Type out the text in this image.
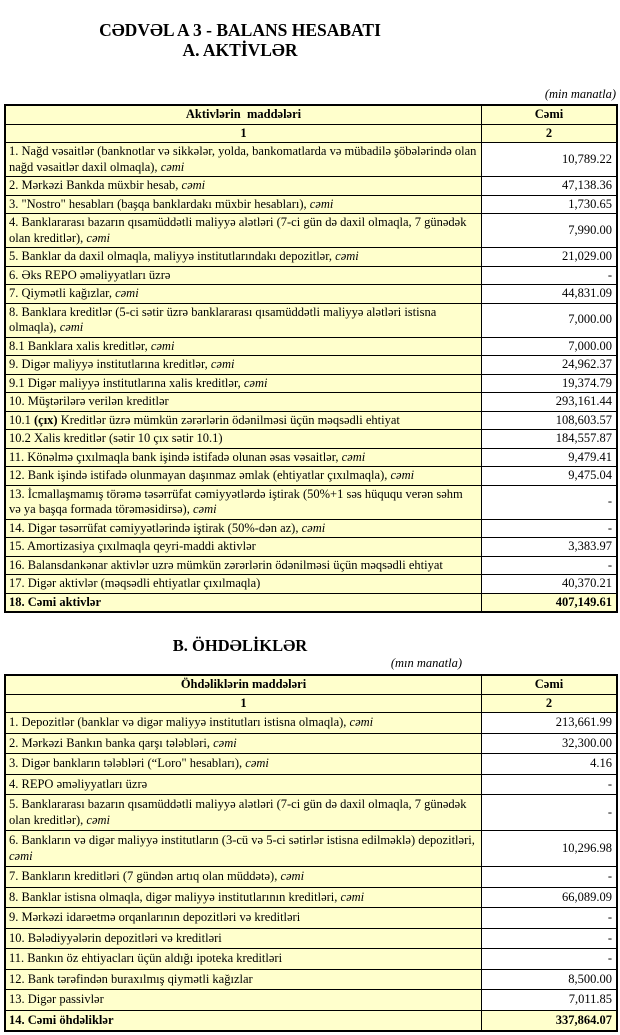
CƏDVƏL A 3 - BALANS HESABATI
A. AKTİVLƏR
(min manatla)
Aktivlərin  maddələri	Cəmi
1	2
1. Nağd vəsaitlər (banknotlar və sikkələr, yolda, bankomatlarda və mübadilə şöbələrində olan nağd vəsaitlər daxil olmaqla), cəmi	10,789.22
2. Mərkəzi Bankda müxbir hesab, cəmi	47,138.36
3. "Nostro" hesabları (başqa banklardakı müxbir hesabları), cəmi	1,730.65
4. Banklararası bazarın qısamüddətli maliyyə alətləri (7-ci gün də daxil olmaqla, 7 günədək olan kreditlər), cəmi	7,990.00
5. Banklar da daxil olmaqla, maliyyə institutlarındakı depozitlər, cəmi	21,029.00
6. Əks REPO əməliyyatları üzrə	-
7. Qiymətli kağızlar, cəmi	44,831.09
8. Banklara kreditlər (5-ci sətir üzrə banklararası qısamüddətli maliyyə alətləri istisna olmaqla), cəmi	7,000.00
8.1 Banklara xalis kreditlər, cəmi	7,000.00
9. Digər maliyyə institutlarına kreditlər, cəmi	24,962.37
9.1 Digər maliyyə institutlarına xalis kreditlər, cəmi	19,374.79
10. Müştərilərə verilən kreditlər	293,161.44
10.1 (çıx) Kreditlər üzrə mümkün zərərlərin ödənilməsi üçün məqsədli ehtiyat	108,603.57
10.2 Xalis kreditlər (sətir 10 çıx sətir 10.1)	184,557.87
11. Könəlmə çıxılmaqla bank işində istifadə olunan əsas vəsaitlər, cəmi	9,479.41
12. Bank işində istifadə olunmayan daşınmaz əmlak (ehtiyatlar çıxılmaqla), cəmi	9,475.04
13. İcmallaşmamış törəmə təsərrüfat cəmiyyətlərdə iştirak (50%+1 səs hüququ verən səhm və ya başqa formada törəməsidirsə), cəmi	-
14. Digər təsərrüfat cəmiyyətlərində iştirak (50%-dən az), cəmi	-
15. Amortizasiya çıxılmaqla qeyri-maddi aktivlər	3,383.97
16. Balansdankənar aktivlər uzrə mümkün zərərlərin ödənilməsi üçün məqsədli ehtiyat	-
17. Digər aktivlər (məqsədli ehtiyatlar çıxılmaqla)	40,370.21
18. Cəmi aktivlər	407,149.61
B. ÖHDƏLİKLƏR
(mın manatla)
Öhdəliklərin maddələri	Cəmi
1	2
1. Depozitlər (banklar və digər maliyyə institutları istisna olmaqla), cəmi	213,661.99
2. Mərkəzi Bankın banka qarşı tələbləri, cəmi	32,300.00
3. Digər bankların tələbləri (“Loro" hesabları), cəmi	4.16
4. REPO əməliyyatları üzrə	-
5. Banklararası bazarın qısamüddətli maliyyə alətləri (7-ci gün də daxil olmaqla, 7 günədək olan kreditlər), cəmi	-
6. Bankların və digər maliyyə institutların (3-cü və 5-ci sətirlər istisna edilməklə) depozitləri, cəmi	10,296.98
7. Bankların kreditləri (7 gündən artıq olan müddətə), cəmi	-
8. Banklar istisna olmaqla, digər maliyyə institutlarının kreditləri, cəmi	66,089.09
9. Mərkəzi idarəetmə orqanlarının depozitləri və kreditləri	-
10. Bələdiyyələrin depozitləri və kreditləri	-
11. Bankın öz ehtiyacları üçün aldığı ipoteka kreditləri	-
12. Bank tərəfindən buraxılmış qiymətli kağızlar	8,500.00
13. Digər passivlər	7,011.85
14. Cəmi öhdəliklər	337,864.07
